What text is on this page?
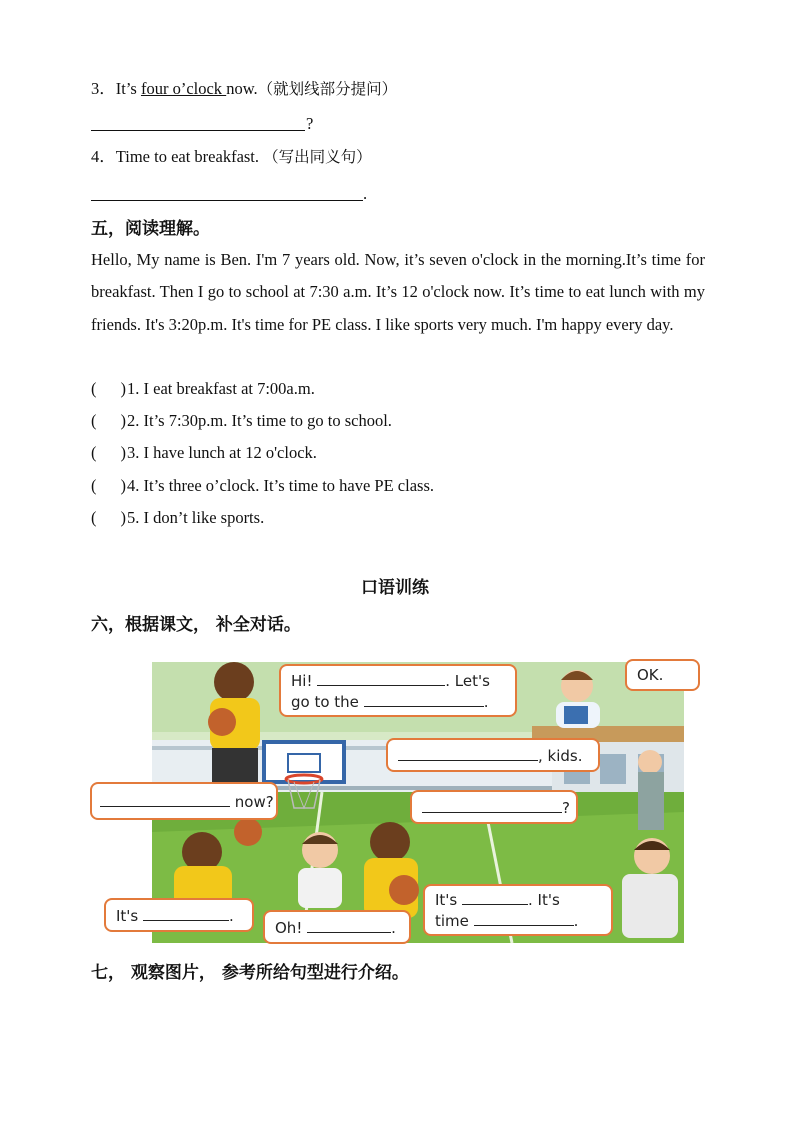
3．It’s four o’clock now.（就划线部分提问）
?
4．Time to eat breakfast. （写出同义句）
.
五，阅读理解。
Hello, My name is Ben. I'm 7 years old. Now, it’s seven o'clock in the morning.It’s time for breakfast. Then I go to school at 7:30 a.m. It’s 12 o'clock now. It’s time to eat lunch with my friends. It's 3:20p.m. It's time for PE class. I like sports very much. I'm happy every day.
( )1. I eat breakfast at 7:00a.m.
( )2. It’s 7:30p.m. It’s time to go to school.
( )3. I have lunch at 12 o'clock.
( )4. It’s three o’clock. It’s time to have PE class.
( )5. I don’t like sports.
口语训练
六，根据课文， 补全对话。
Hi!	. Let's
go to the	.
OK.
, kids.
now?	?
It's	.
Oh!	.
It's	. It's
time	.
七， 观察图片， 参考所给句型进行介绍。
